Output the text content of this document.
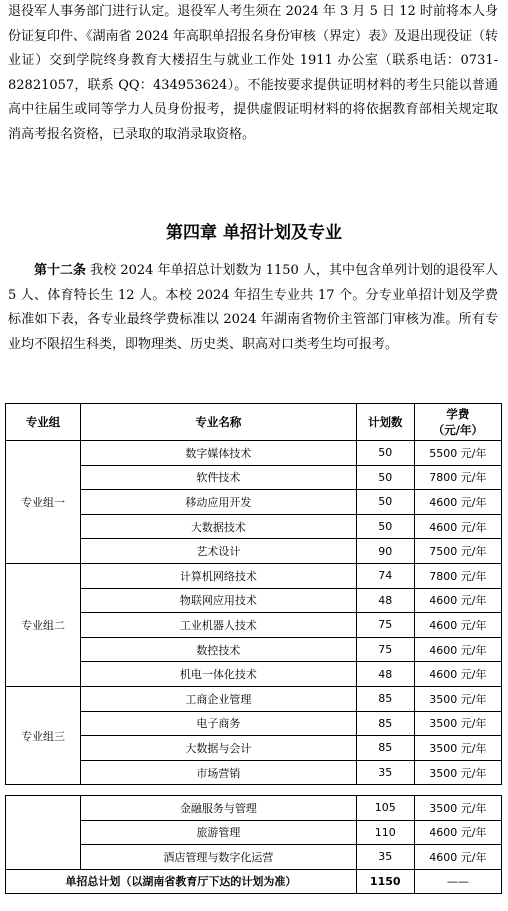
退役军人事务部门进行认定。退役军人考生须在 2024 年 3 月 5 日 12 时前将本人身份证复印件、《湖南省 2024 年高职单招报名身份审核（界定）表》及退出现役证（转业证）交到学院终身教育大楼招生与就业工作处 1911 办公室（联系电话：0731-82821057，联系 QQ：434953624）。不能按要求提供证明材料的考生只能以普通高中往届生或同等学力人员身份报考，提供虚假证明材料的将依据教育部相关规定取消高考报名资格，已录取的取消录取资格。
第四章 单招计划及专业
第十二条 我校 2024 年单招总计划数为 1150 人，其中包含单列计划的退役军人 5 人、体育特长生 12 人。本校 2024 年招生专业共 17 个。分专业单招计划及学费标准如下表，各专业最终学费标准以 2024 年湖南省物价主管部门审核为准。所有专业均不限招生科类，即物理类、历史类、职高对口类考生均可报考。
专业组	专业名称	计划数	学费
（元/年）

专业组一	数字媒体技术	50	5500 元/年
	软件技术	50	7800 元/年
	移动应用开发	50	4600 元/年
	大数据技术	50	4600 元/年
	艺术设计	90	7500 元/年
专业组二	计算机网络技术	74	7800 元/年
	物联网应用技术	48	4600 元/年
	工业机器人技术	75	4600 元/年
	数控技术	75	4600 元/年
	机电一体化技术	48	4600 元/年
专业组三	工商企业管理	85	3500 元/年
	电子商务	85	3500 元/年
	大数据与会计	85	3500 元/年
	市场营销	35	3500 元/年
	金融服务与管理	105	3500 元/年
	旅游管理	110	4600 元/年
	酒店管理与数字化运营	35	4600 元/年
单招总计划（以湖南省教育厅下达的计划为准）		1150	——
